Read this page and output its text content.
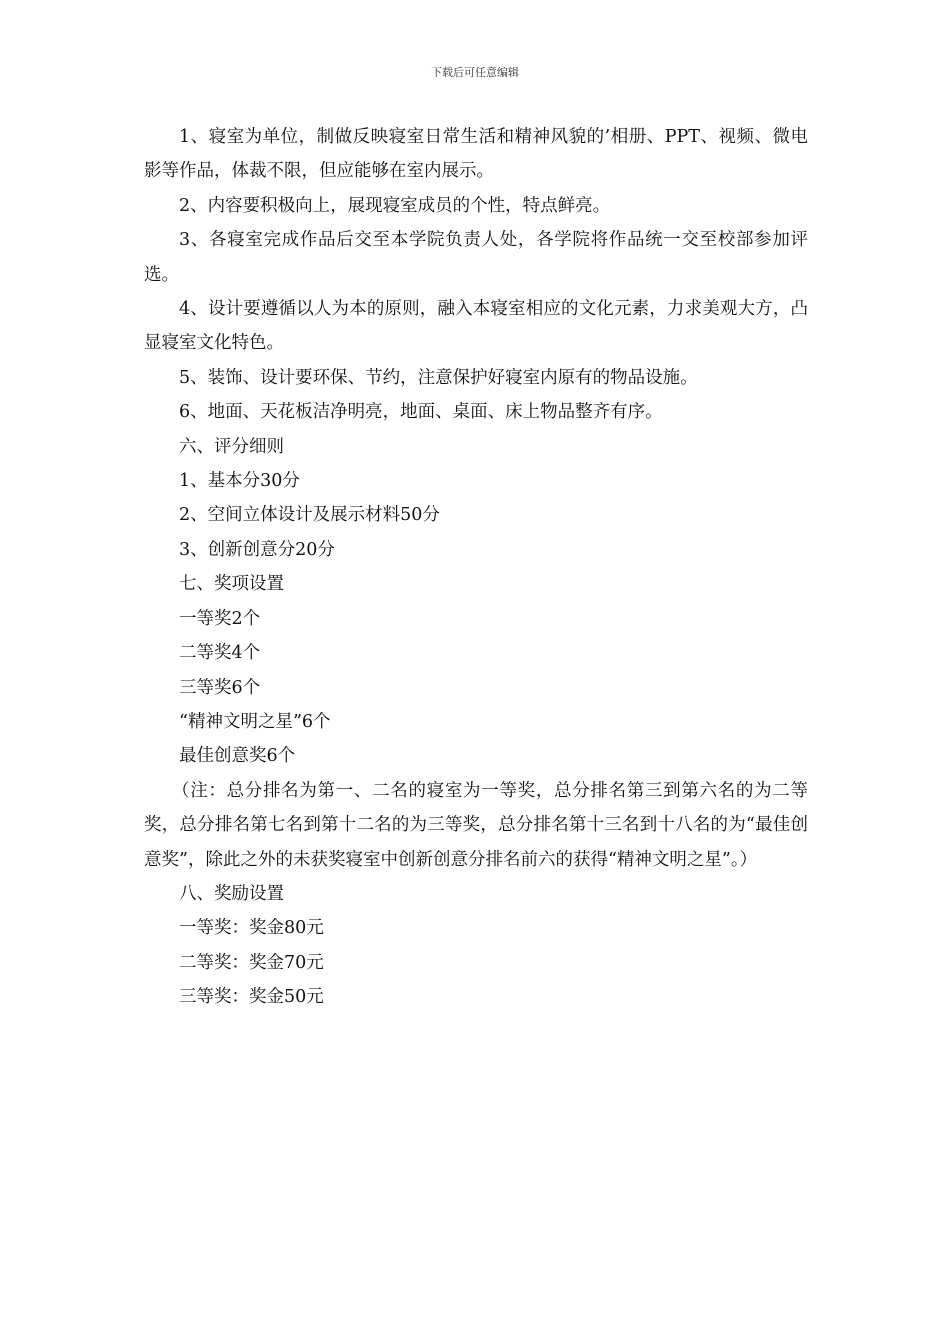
下载后可任意编辑

1、寝室为单位，制做反映寝室日常生活和精神风貌的’相册、PPT、视频、微电影等作品，体裁不限，但应能够在室内展示。

2、内容要积极向上，展现寝室成员的个性，特点鲜亮。

3、各寝室完成作品后交至本学院负责人处，各学院将作品统一交至校部参加评选。

4、设计要遵循以人为本的原则，融入本寝室相应的文化元素，力求美观大方，凸显寝室文化特色。

5、装饰、设计要环保、节约，注意保护好寝室内原有的物品设施。

6、地面、天花板洁净明亮，地面、桌面、床上物品整齐有序。

六、评分细则

1、基本分30分

2、空间立体设计及展示材料50分

3、创新创意分20分

七、奖项设置

一等奖2个

二等奖4个

三等奖6个

“精神文明之星”6个

最佳创意奖6个

（注：总分排名为第一、二名的寝室为一等奖，总分排名第三到第六名的为二等奖，总分排名第七名到第十二名的为三等奖，总分排名第十三名到十八名的为“最佳创意奖”，除此之外的未获奖寝室中创新创意分排名前六的获得“精神文明之星”。）

八、奖励设置

一等奖：奖金80元

二等奖：奖金70元

三等奖：奖金50元
